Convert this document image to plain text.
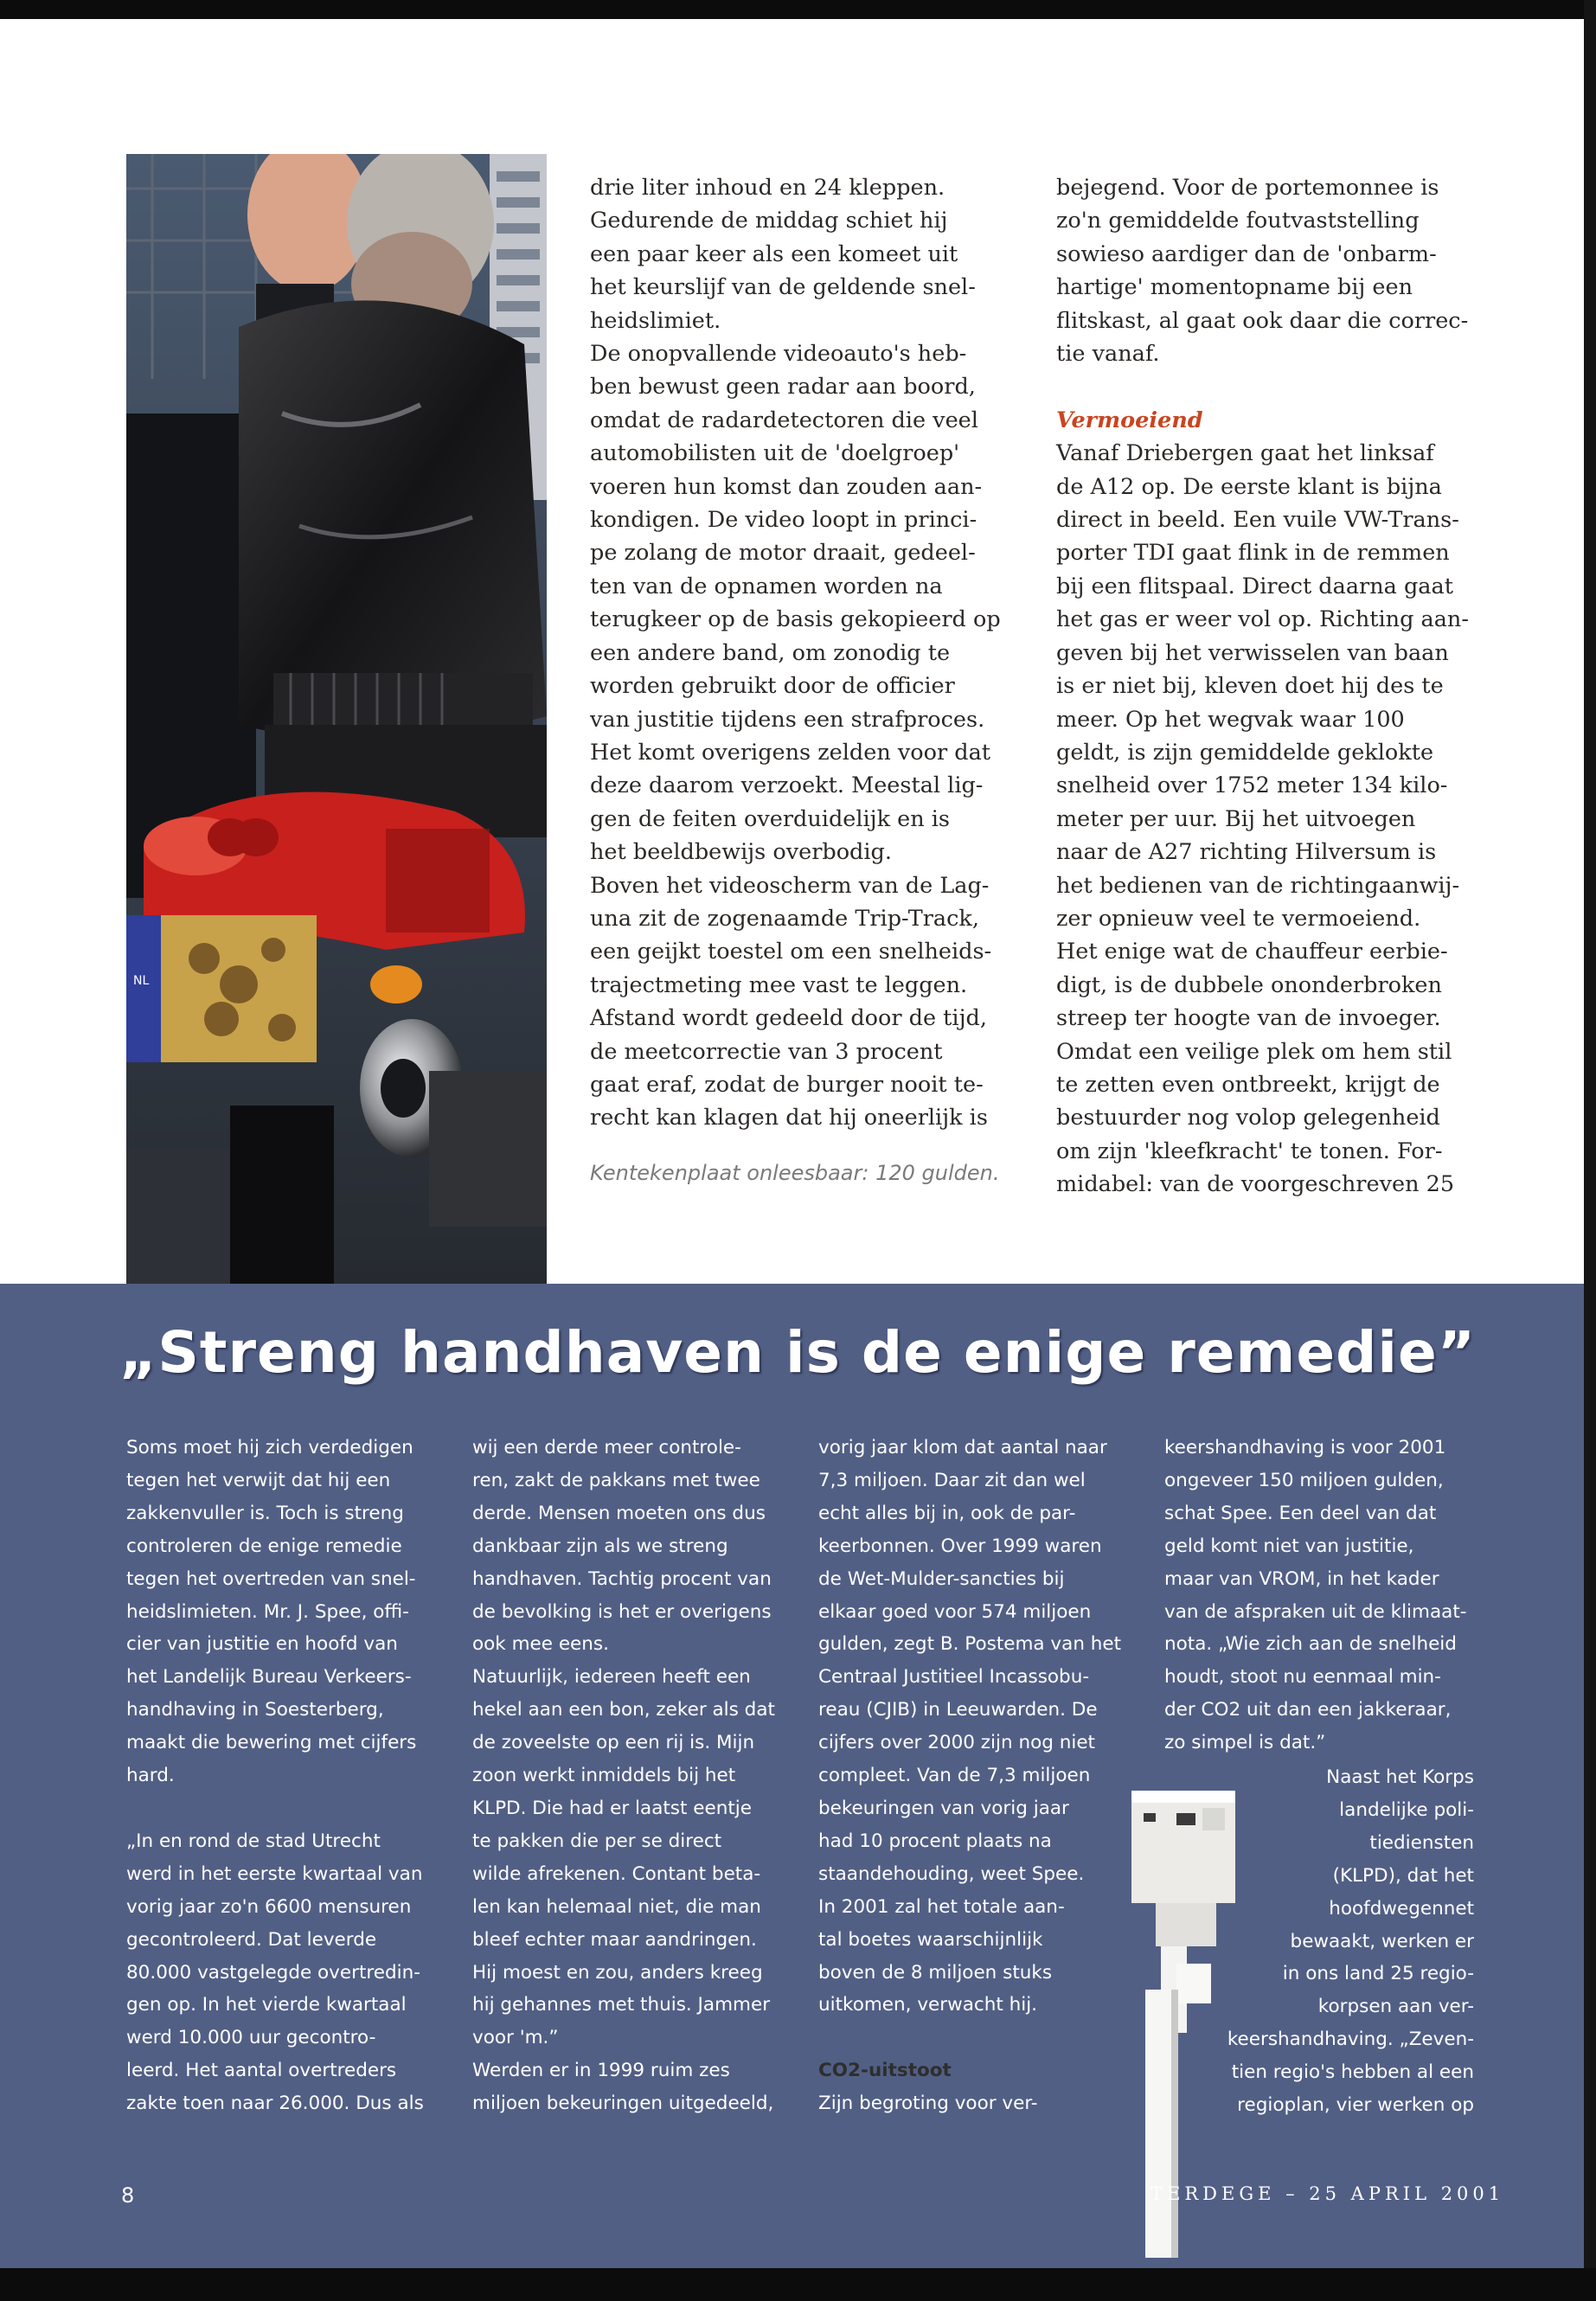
NL

drie liter inhoud en 24 kleppen.

Gedurende de middag schiet hij

een paar keer als een komeet uit

het keurslijf van de geldende snel-

heidslimiet.

De onopvallende videoauto's heb-

ben bewust geen radar aan boord,

omdat de radardetectoren die veel

automobilisten uit de 'doelgroep'

voeren hun komst dan zouden aan-

kondigen. De video loopt in princi-

pe zolang de motor draait, gedeel-

ten van de opnamen worden na

terugkeer op de basis gekopieerd op

een andere band, om zonodig te

worden gebruikt door de officier

van justitie tijdens een strafproces.

Het komt overigens zelden voor dat

deze daarom verzoekt. Meestal lig-

gen de feiten overduidelijk en is

het beeldbewijs overbodig.

Boven het videoscherm van de Lag-

una zit de zogenaamde Trip-Track,

een geijkt toestel om een snelheids-

trajectmeting mee vast te leggen.

Afstand wordt gedeeld door de tijd,

de meetcorrectie van 3 procent

gaat eraf, zodat de burger nooit te-

recht kan klagen dat hij oneerlijk is

Kentekenplaat onleesbaar: 120 gulden.

bejegend. Voor de portemonnee is

zo'n gemiddelde foutvaststelling

sowieso aardiger dan de 'onbarm-

hartige' momentopname bij een

flitskast, al gaat ook daar die correc-

tie vanaf.

Vermoeiend

Vanaf Driebergen gaat het linksaf

de A12 op. De eerste klant is bijna

direct in beeld. Een vuile VW-Trans-

porter TDI gaat flink in de remmen

bij een flitspaal. Direct daarna gaat

het gas er weer vol op. Richting aan-

geven bij het verwisselen van baan

is er niet bij, kleven doet hij des te

meer. Op het wegvak waar 100

geldt, is zijn gemiddelde geklokte

snelheid over 1752 meter 134 kilo-

meter per uur. Bij het uitvoegen

naar de A27 richting Hilversum is

het bedienen van de richtingaanwij-

zer opnieuw veel te vermoeiend.

Het enige wat de chauffeur eerbie-

digt, is de dubbele ononderbroken

streep ter hoogte van de invoeger.

Omdat een veilige plek om hem stil

te zetten even ontbreekt, krijgt de

bestuurder nog volop gelegenheid

om zijn 'kleefkracht' te tonen. For-

midabel: van de voorgeschreven 25

„Streng handhaven is de enige remedie”

Soms moet hij zich verdedigen

tegen het verwijt dat hij een

zakkenvuller is. Toch is streng

controleren de enige remedie

tegen het overtreden van snel-

heidslimieten. Mr. J. Spee, offi-

cier van justitie en hoofd van

het Landelijk Bureau Verkeers-

handhaving in Soesterberg,

maakt die bewering met cijfers

hard.

„In en rond de stad Utrecht

werd in het eerste kwartaal van

vorig jaar zo'n 6600 mensuren

gecontroleerd. Dat leverde

80.000 vastgelegde overtredin-

gen op. In het vierde kwartaal

werd 10.000 uur gecontro-

leerd. Het aantal overtreders

zakte toen naar 26.000. Dus als

wij een derde meer controle-

ren, zakt de pakkans met twee

derde. Mensen moeten ons dus

dankbaar zijn als we streng

handhaven. Tachtig procent van

de bevolking is het er overigens

ook mee eens.

Natuurlijk, iedereen heeft een

hekel aan een bon, zeker als dat

de zoveelste op een rij is. Mijn

zoon werkt inmiddels bij het

KLPD. Die had er laatst eentje

te pakken die per se direct

wilde afrekenen. Contant beta-

len kan helemaal niet, die man

bleef echter maar aandringen.

Hij moest en zou, anders kreeg

hij gehannes met thuis. Jammer

voor 'm.”

Werden er in 1999 ruim zes

miljoen bekeuringen uitgedeeld,

vorig jaar klom dat aantal naar

7,3 miljoen. Daar zit dan wel

echt alles bij in, ook de par-

keerbonnen. Over 1999 waren

de Wet-Mulder-sancties bij

elkaar goed voor 574 miljoen

gulden, zegt B. Postema van het

Centraal Justitieel Incassobu-

reau (CJIB) in Leeuwarden. De

cijfers over 2000 zijn nog niet

compleet. Van de 7,3 miljoen

bekeuringen van vorig jaar

had 10 procent plaats na

staandehouding, weet Spee.

In 2001 zal het totale aan-

tal boetes waarschijnlijk

boven de 8 miljoen stuks

uitkomen, verwacht hij.

CO2-uitstoot

Zijn begroting voor ver-

keershandhaving is voor 2001

ongeveer 150 miljoen gulden,

schat Spee. Een deel van dat

geld komt niet van justitie,

maar van VROM, in het kader

van de afspraken uit de klimaat-

nota. „Wie zich aan de snelheid

houdt, stoot nu eenmaal min-

der CO2 uit dan een jakkeraar,

zo simpel is dat.”

Naast het Korps

landelijke poli-

tiediensten

(KLPD), dat het

hoofdwegennet

bewaakt, werken er

in ons land 25 regio-

korpsen aan ver-

keershandhaving. „Zeven-

tien regio's hebben al een

regioplan, vier werken op

8	TERDEGE – 25 APRIL 2001
